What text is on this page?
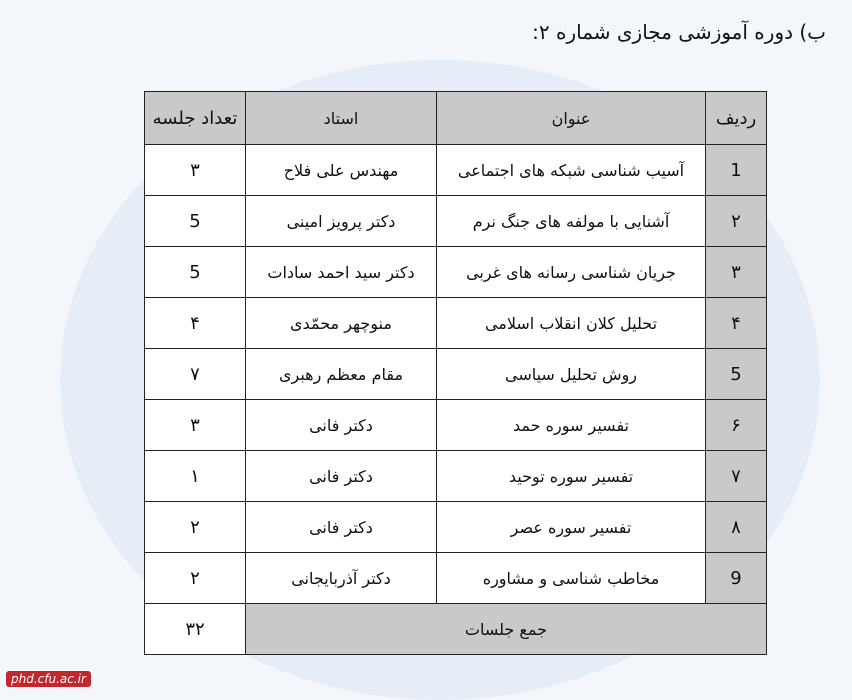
ب) دوره آموزشی مجازی شماره ۲:
ردیف	عنوان	استاد	تعداد جلسه
1	آسیب شناسی شبکه های اجتماعی	مهندس علی فلاح	۳
۲	آشنایی با مولفه های جنگ نرم	دکتر پرویز امینی	5
۳	جریان شناسی رسانه های غربی	دکتر سید احمد سادات	5
۴	تحلیل کلان انقلاب اسلامی	منوچهر محمّدی	۴
5	روش تحلیل سیاسی	مقام معظم رهبری	۷
۶	تفسیر سوره حمد	دکتر فانی	۳
۷	تفسیر سوره توحید	دکتر فانی	۱
۸	تفسیر سوره عصر	دکتر فانی	۲
9	مخاطب شناسی و مشاوره	دکتر آذربایجانی	۲
جمع جلسات			۳۲
phd.cfu.ac.ir
